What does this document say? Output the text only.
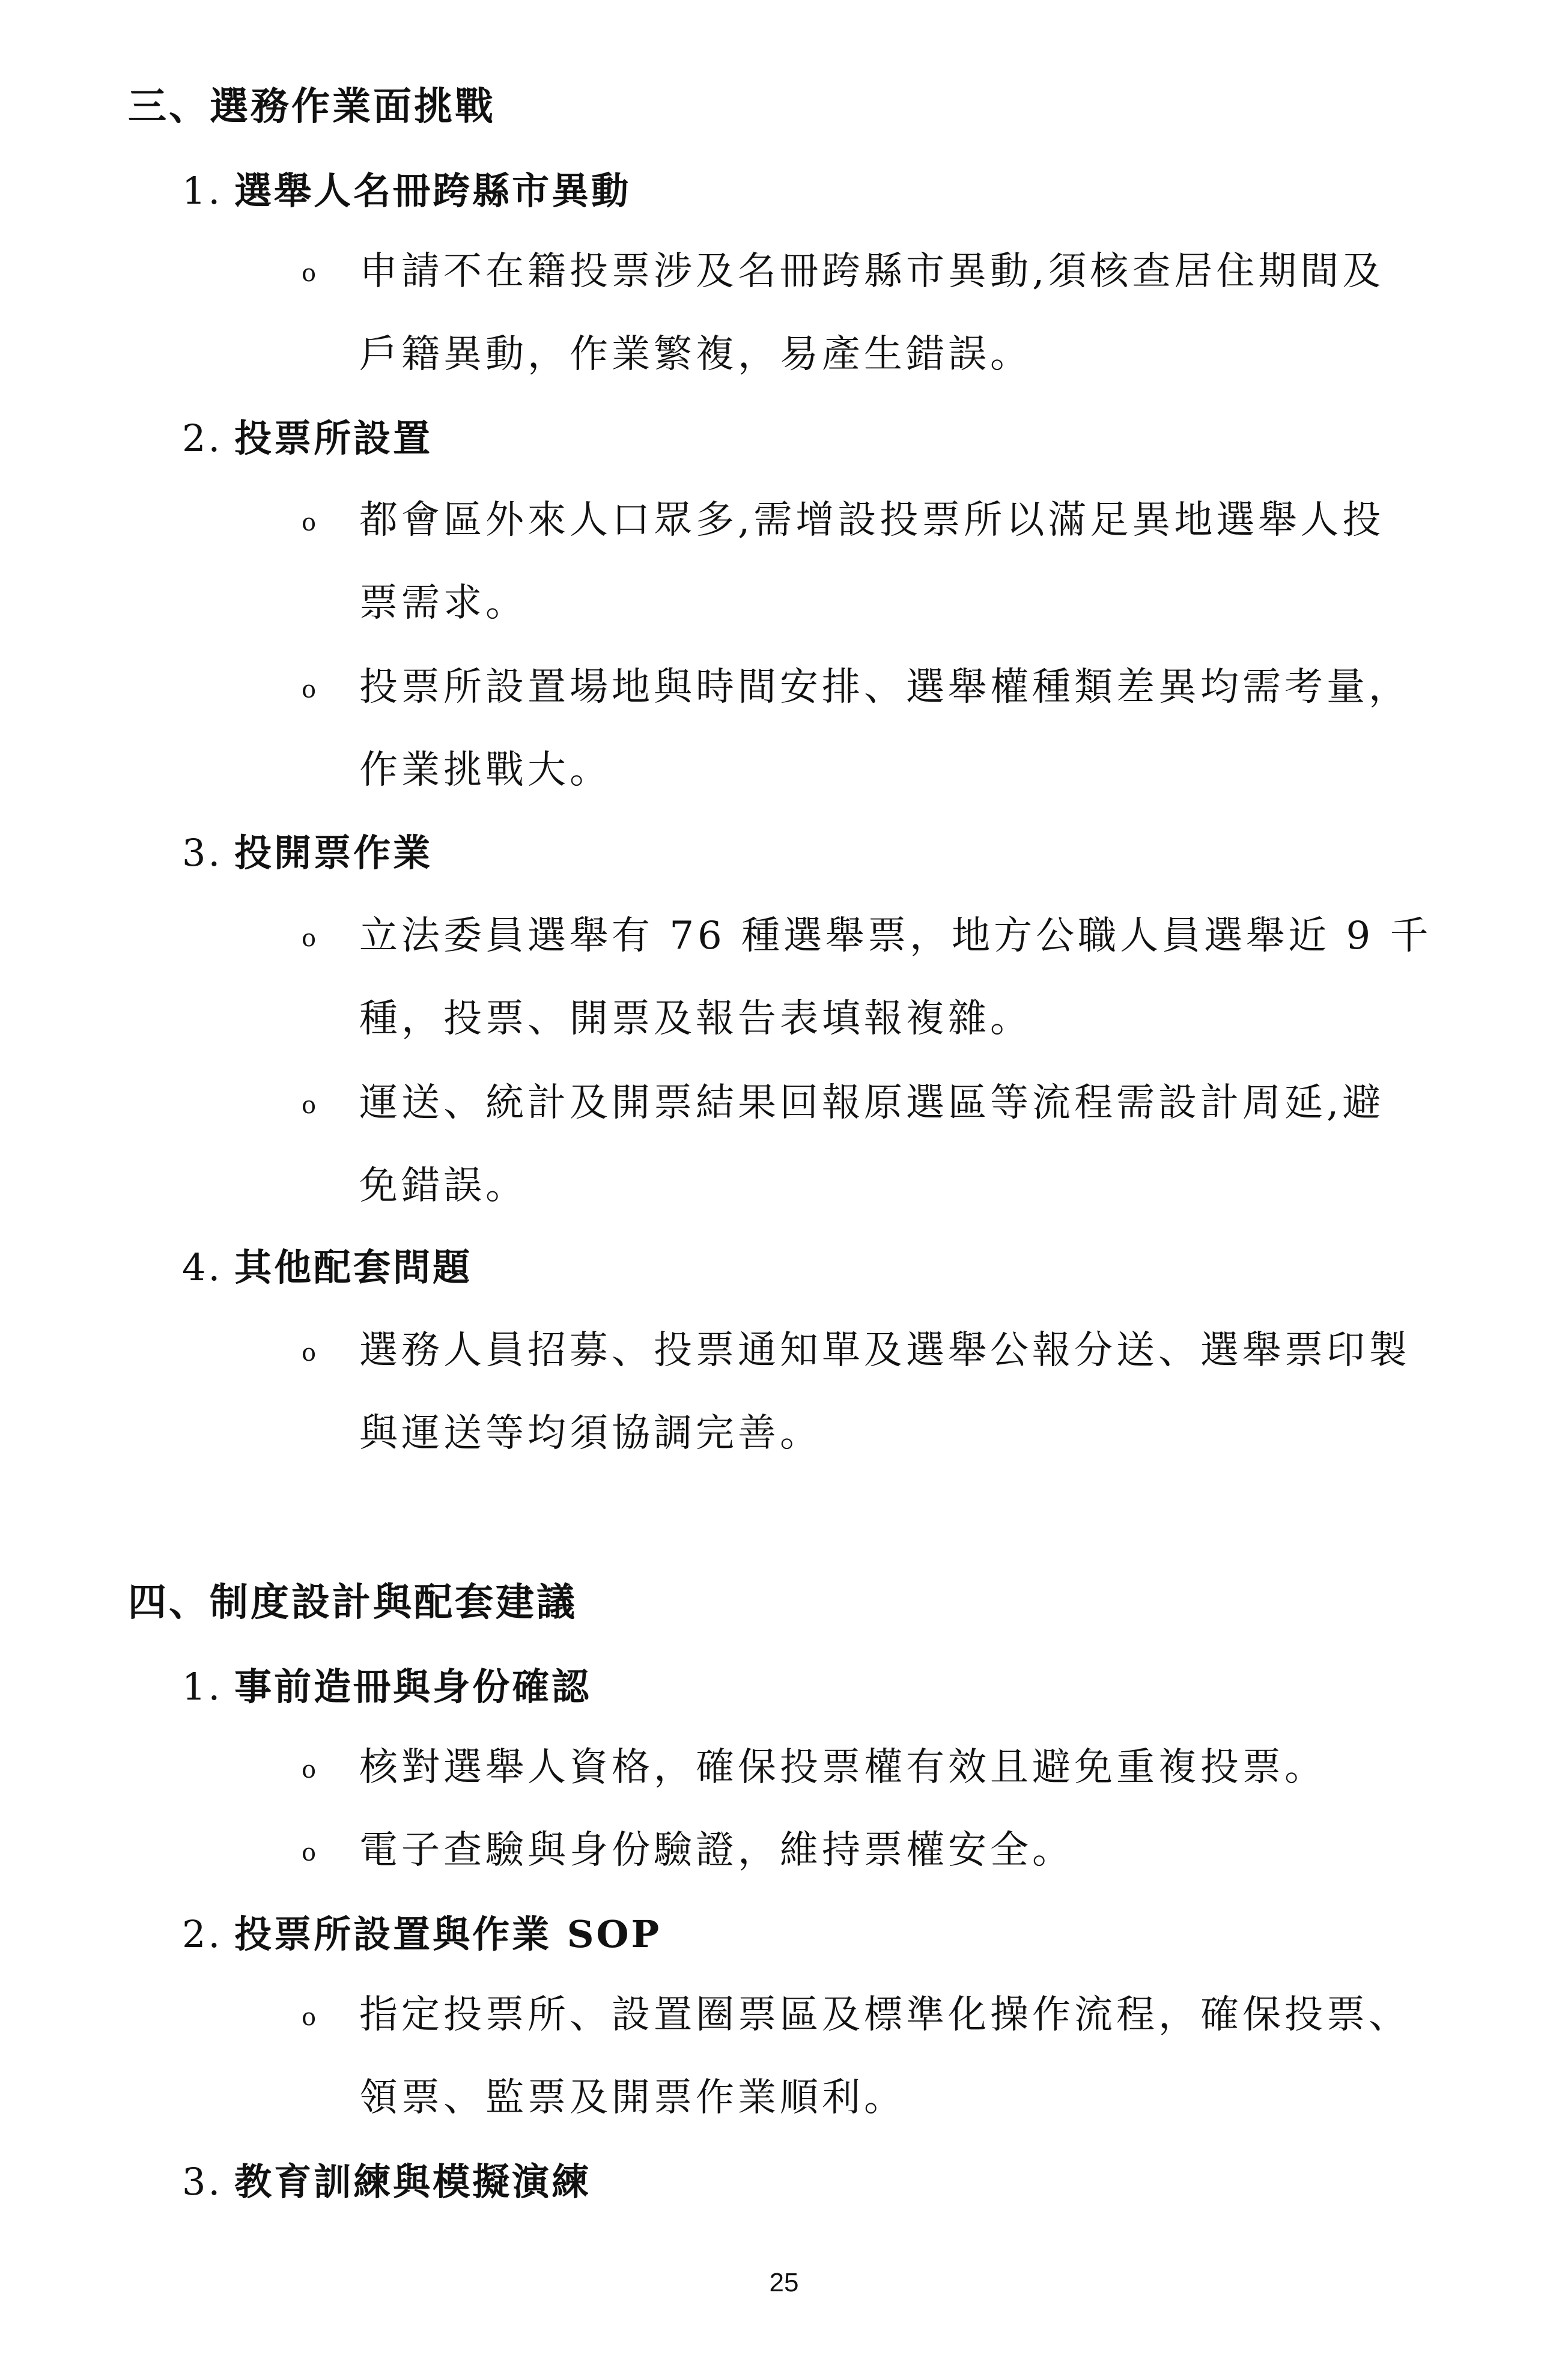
三、選務作業面挑戰
1. 選舉人名冊跨縣市異動
o 申請不在籍投票涉及名冊跨縣市異動,須核查居住期間及
戶籍異動，作業繁複，易產生錯誤。
2. 投票所設置
o 都會區外來人口眾多,需增設投票所以滿足異地選舉人投
票需求。
o 投票所設置場地與時間安排、選舉權種類差異均需考量，
作業挑戰大。
3. 投開票作業
o 立法委員選舉有 76 種選舉票，地方公職人員選舉近 9 千
種，投票、開票及報告表填報複雜。
o 運送、統計及開票結果回報原選區等流程需設計周延,避
免錯誤。
4. 其他配套問題
o 選務人員招募、投票通知單及選舉公報分送、選舉票印製
與運送等均須協調完善。
四、制度設計與配套建議
1. 事前造冊與身份確認
o 核對選舉人資格，確保投票權有效且避免重複投票。
o 電子查驗與身份驗證，維持票權安全。
2. 投票所設置與作業 SOP
o 指定投票所、設置圈票區及標準化操作流程，確保投票、
領票、監票及開票作業順利。
3. 教育訓練與模擬演練
25
